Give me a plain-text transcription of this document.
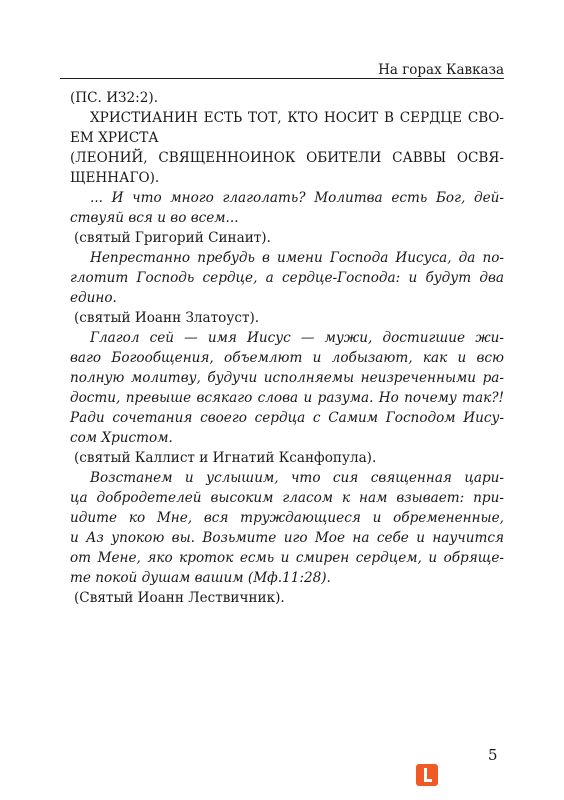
На горах Кавказа
(ПС. ИЗ2:2).
ХРИСТИАНИН ЕСТЬ ТОТ, КТО НОСИТ В СЕРДЦЕ СВО-
ЕМ ХРИСТА
(ЛЕОНИЙ, СВЯЩЕННОИНОК ОБИТЕЛИ САВВЫ ОСВЯ-
ЩЕННАГО).
... И что много глаголать? Молитва есть Бог, дей-
ствуяй вся и во всем...
(святый Григорий Синаит).
Непрестанно пребудь в имени Господа Иисуса, да по-
глотит Господь сердце, а сердце-Господа: и будут два
едино.
(святый Иоанн Златоуст).
Глагол сей — имя Иисус — мужи, достигшие жи-
ваго Богообщения, объемлют и лобызают, как и всю
полную молитву, будучи исполняемы неизреченными ра-
дости, превыше всякаго слова и разума. Но почему так?!
Ради сочетания своего сердца с Самим Господом Иису-
сом Христом.
(святый Каллист и Игнатий Ксанфопула).
Возстанем и услышим, что сия священная цари-
ца добродетелей высоким гласом к нам взывает: при-
идите ко Мне, вся труждающиеся и обремененные,
и Аз упокою вы. Возьмите иго Мое на себе и научится
от Мене, яко кроток есмь и смирен сердцем, и обряще-
те покой душам вашим (Мф.11:28).
(Святый Иоанн Лествичник).
5
